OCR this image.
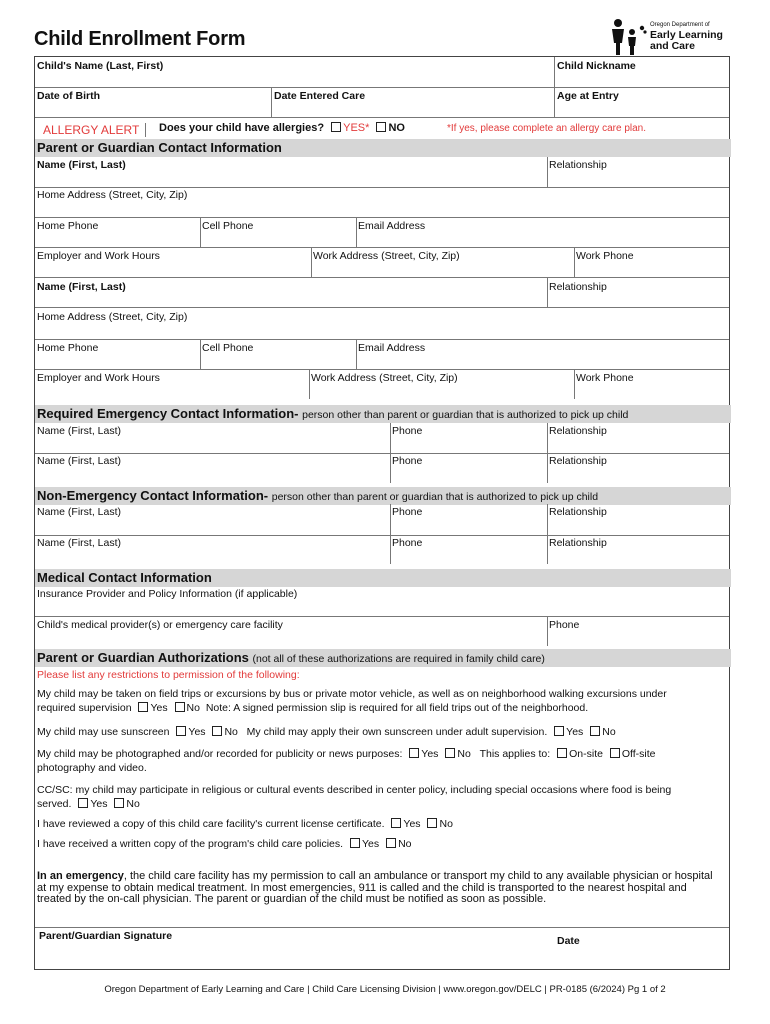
Child Enrollment Form
Oregon Department of
Early Learning
and Care
Child's Name (Last, First)	Child Nickname
Date of Birth	Date Entered Care	Age at Entry
ALLERGY ALERT	Does your child have allergies? YES* NO	*If yes, please complete an allergy care plan.
Parent or Guardian Contact Information
Name (First, Last)	Relationship
Home Address (Street, City, Zip)
Home Phone	Cell Phone	Email Address
Employer and Work Hours	Work Address (Street, City, Zip)	Work Phone
Name (First, Last)	Relationship
Home Address (Street, City, Zip)
Home Phone	Cell Phone	Email Address
Employer and Work Hours	Work Address (Street, City, Zip)	Work Phone
Required Emergency Contact Information- person other than parent or guardian that is authorized to pick up child
Name (First, Last)	Phone	Relationship
Name (First, Last)	Phone	Relationship
Non-Emergency Contact Information- person other than parent or guardian that is authorized to pick up child
Name (First, Last)	Phone	Relationship
Name (First, Last)	Phone	Relationship
Medical Contact Information
Insurance Provider and Policy Information (if applicable)
Child's medical provider(s) or emergency care facility	Phone
Parent or Guardian Authorizations (not all of these authorizations are required in family child care)
Please list any restrictions to permission of the following:
My child may be taken on field trips or excursions by bus or private motor vehicle, as well as on neighborhood walking excursions under
required supervision Yes No Note: A signed permission slip is required for all field trips out of the neighborhood.
My child may use sunscreen Yes No My child may apply their own sunscreen under adult supervision. Yes No
My child may be photographed and/or recorded for publicity or news purposes: Yes No This applies to: On-site Off-site
photography and video.
CC/SC: my child may participate in religious or cultural events described in center policy, including special occasions where food is being
served. Yes No
I have reviewed a copy of this child care facility's current license certificate. Yes No
I have received a written copy of the program's child care policies. Yes No
In an emergency, the child care facility has my permission to call an ambulance or transport my child to any available physician or hospital at my expense to obtain medical treatment. In most emergencies, 911 is called and the child is transported to the nearest hospital and treated by the on-call physician. The parent or guardian of the child must be notified as soon as possible.
Parent/Guardian Signature	Date
Oregon Department of Early Learning and Care | Child Care Licensing Division | www.oregon.gov/DELC | PR-0185 (6/2024) Pg 1 of 2
